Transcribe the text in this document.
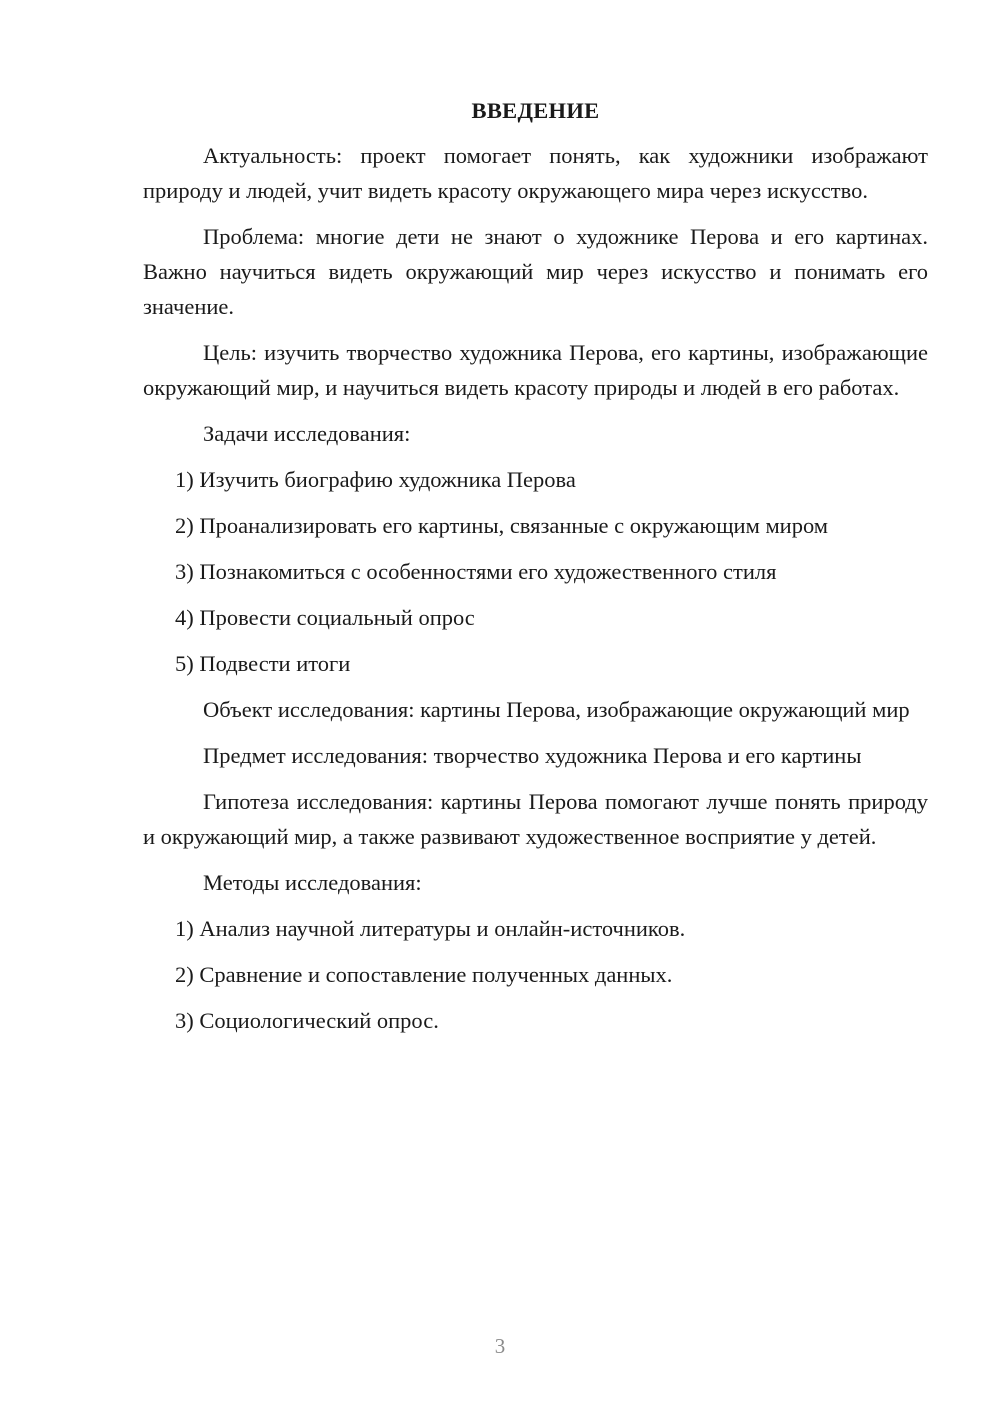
ВВЕДЕНИЕ

Актуальность: проект помогает понять, как художники изображают природу и людей, учит видеть красоту окружающего мира через искусство.

Проблема: многие дети не знают о художнике Перова и его картинах. Важно научиться видеть окружающий мир через искусство и понимать его значение.

Цель: изучить творчество художника Перова, его картины, изображающие окружающий мир, и научиться видеть красоту природы и людей в его работах.

Задачи исследования:

1) Изучить биографию художника Перова
2) Проанализировать его картины, связанные с окружающим миром
3) Познакомиться с особенностями его художественного стиля
4) Провести социальный опрос
5) Подвести итоги

Объект исследования: картины Перова, изображающие окружающий мир

Предмет исследования: творчество художника Перова и его картины

Гипотеза исследования: картины Перова помогают лучше понять природу и окружающий мир, а также развивают художественное восприятие у детей.

Методы исследования:

1) Анализ научной литературы и онлайн-источников.
2) Сравнение и сопоставление полученных данных.
3) Социологический опрос.
3
